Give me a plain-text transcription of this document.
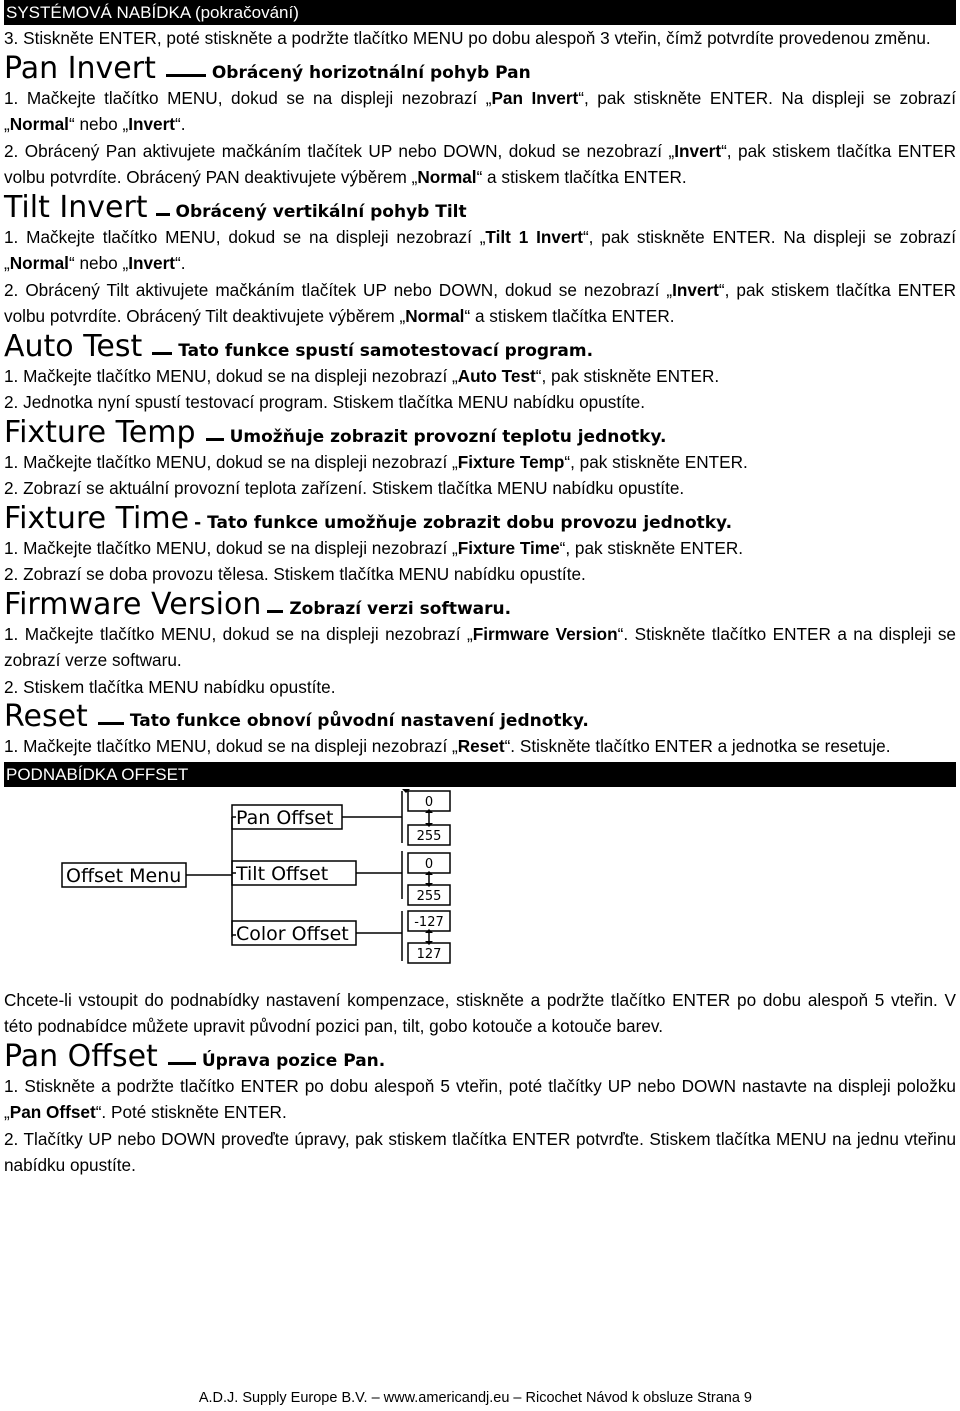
SYSTÉMOVÁ NABÍDKA (pokračování)

3. Stiskněte ENTER, poté stiskněte a podržte tlačítko MENU po dobu alespoň 3 vteřin, čímž potvrdíte provedenou změnu.

Pan Invert	Obrácený horizotnální pohyb Pan

1. Mačkejte tlačítko MENU, dokud se na displeji nezobrazí „Pan Invert“, pak stiskněte ENTER. Na displeji se zobrazí „Normal“ nebo „Invert“.

2. Obrácený Pan aktivujete mačkáním tlačítek UP nebo DOWN, dokud se nezobrazí „Invert“, pak stiskem tlačítka ENTER volbu potvrdíte. Obrácený PAN deaktivujete výběrem „Normal“ a stiskem tlačítka ENTER.

Tilt Invert Obrácený vertikální pohyb Tilt

1. Mačkejte tlačítko MENU, dokud se na displeji nezobrazí „Tilt 1 Invert“, pak stiskněte ENTER. Na displeji se zobrazí „Normal“ nebo „Invert“.

2. Obrácený Tilt aktivujete mačkáním tlačítek UP nebo DOWN, dokud se nezobrazí „Invert“, pak stiskem tlačítka ENTER volbu potvrdíte. Obrácený Tilt deaktivujete výběrem „Normal“ a stiskem tlačítka ENTER.

Auto Test Tato funkce spustí samotestovací program.

1. Mačkejte tlačítko MENU, dokud se na displeji nezobrazí „Auto Test“, pak stiskněte ENTER.

2. Jednotka nyní spustí testovací program. Stiskem tlačítka MENU nabídku opustíte.

Fixture Temp Umožňuje zobrazit provozní teplotu jednotky.

1. Mačkejte tlačítko MENU, dokud se na displeji nezobrazí „Fixture Temp“, pak stiskněte ENTER.

2. Zobrazí se aktuální provozní teplota zařízení. Stiskem tlačítka MENU nabídku opustíte.

Fixture Time - Tato funkce umožňuje zobrazit dobu provozu jednotky.

1. Mačkejte tlačítko MENU, dokud se na displeji nezobrazí „Fixture Time“, pak stiskněte ENTER.

2. Zobrazí se doba provozu tělesa. Stiskem tlačítka MENU nabídku opustíte.

Firmware Version Zobrazí verzi softwaru.

1. Mačkejte tlačítko MENU, dokud se na displeji nezobrazí „Firmware Version“. Stiskněte tlačítko ENTER a na displeji se zobrazí verze softwaru.

2. Stiskem tlačítka MENU nabídku opustíte.

Reset Tato funkce obnoví původní nastavení jednotky.

1. Mačkejte tlačítko MENU, dokud se na displeji nezobrazí „Reset“. Stiskněte tlačítko ENTER a jednotka se resetuje.

PODNABÍDKA OFFSET
Offset Menu
Pan Offset
Tilt Offset
Color Offset
0
255
0
255
-127
127

Chcete-li vstoupit do podnabídky nastavení kompenzace, stiskněte a podržte tlačítko ENTER po dobu alespoň 5 vteřin. V této podnabídce můžete upravit původní pozici pan, tilt, gobo kotouče a kotouče barev.

Pan Offset	Úprava pozice Pan.

1. Stiskněte a podržte tlačítko ENTER po dobu alespoň 5 vteřin, poté tlačítky UP nebo DOWN nastavte na displeji položku „Pan Offset“. Poté stiskněte ENTER.

2. Tlačítky UP nebo DOWN proveďte úpravy, pak stiskem tlačítka ENTER potvrďte. Stiskem tlačítka MENU na jednu vteřinu nabídku opustíte.

A.D.J. Supply Europe B.V. – www.americandj.eu – Ricochet Návod k obsluze Strana 9
